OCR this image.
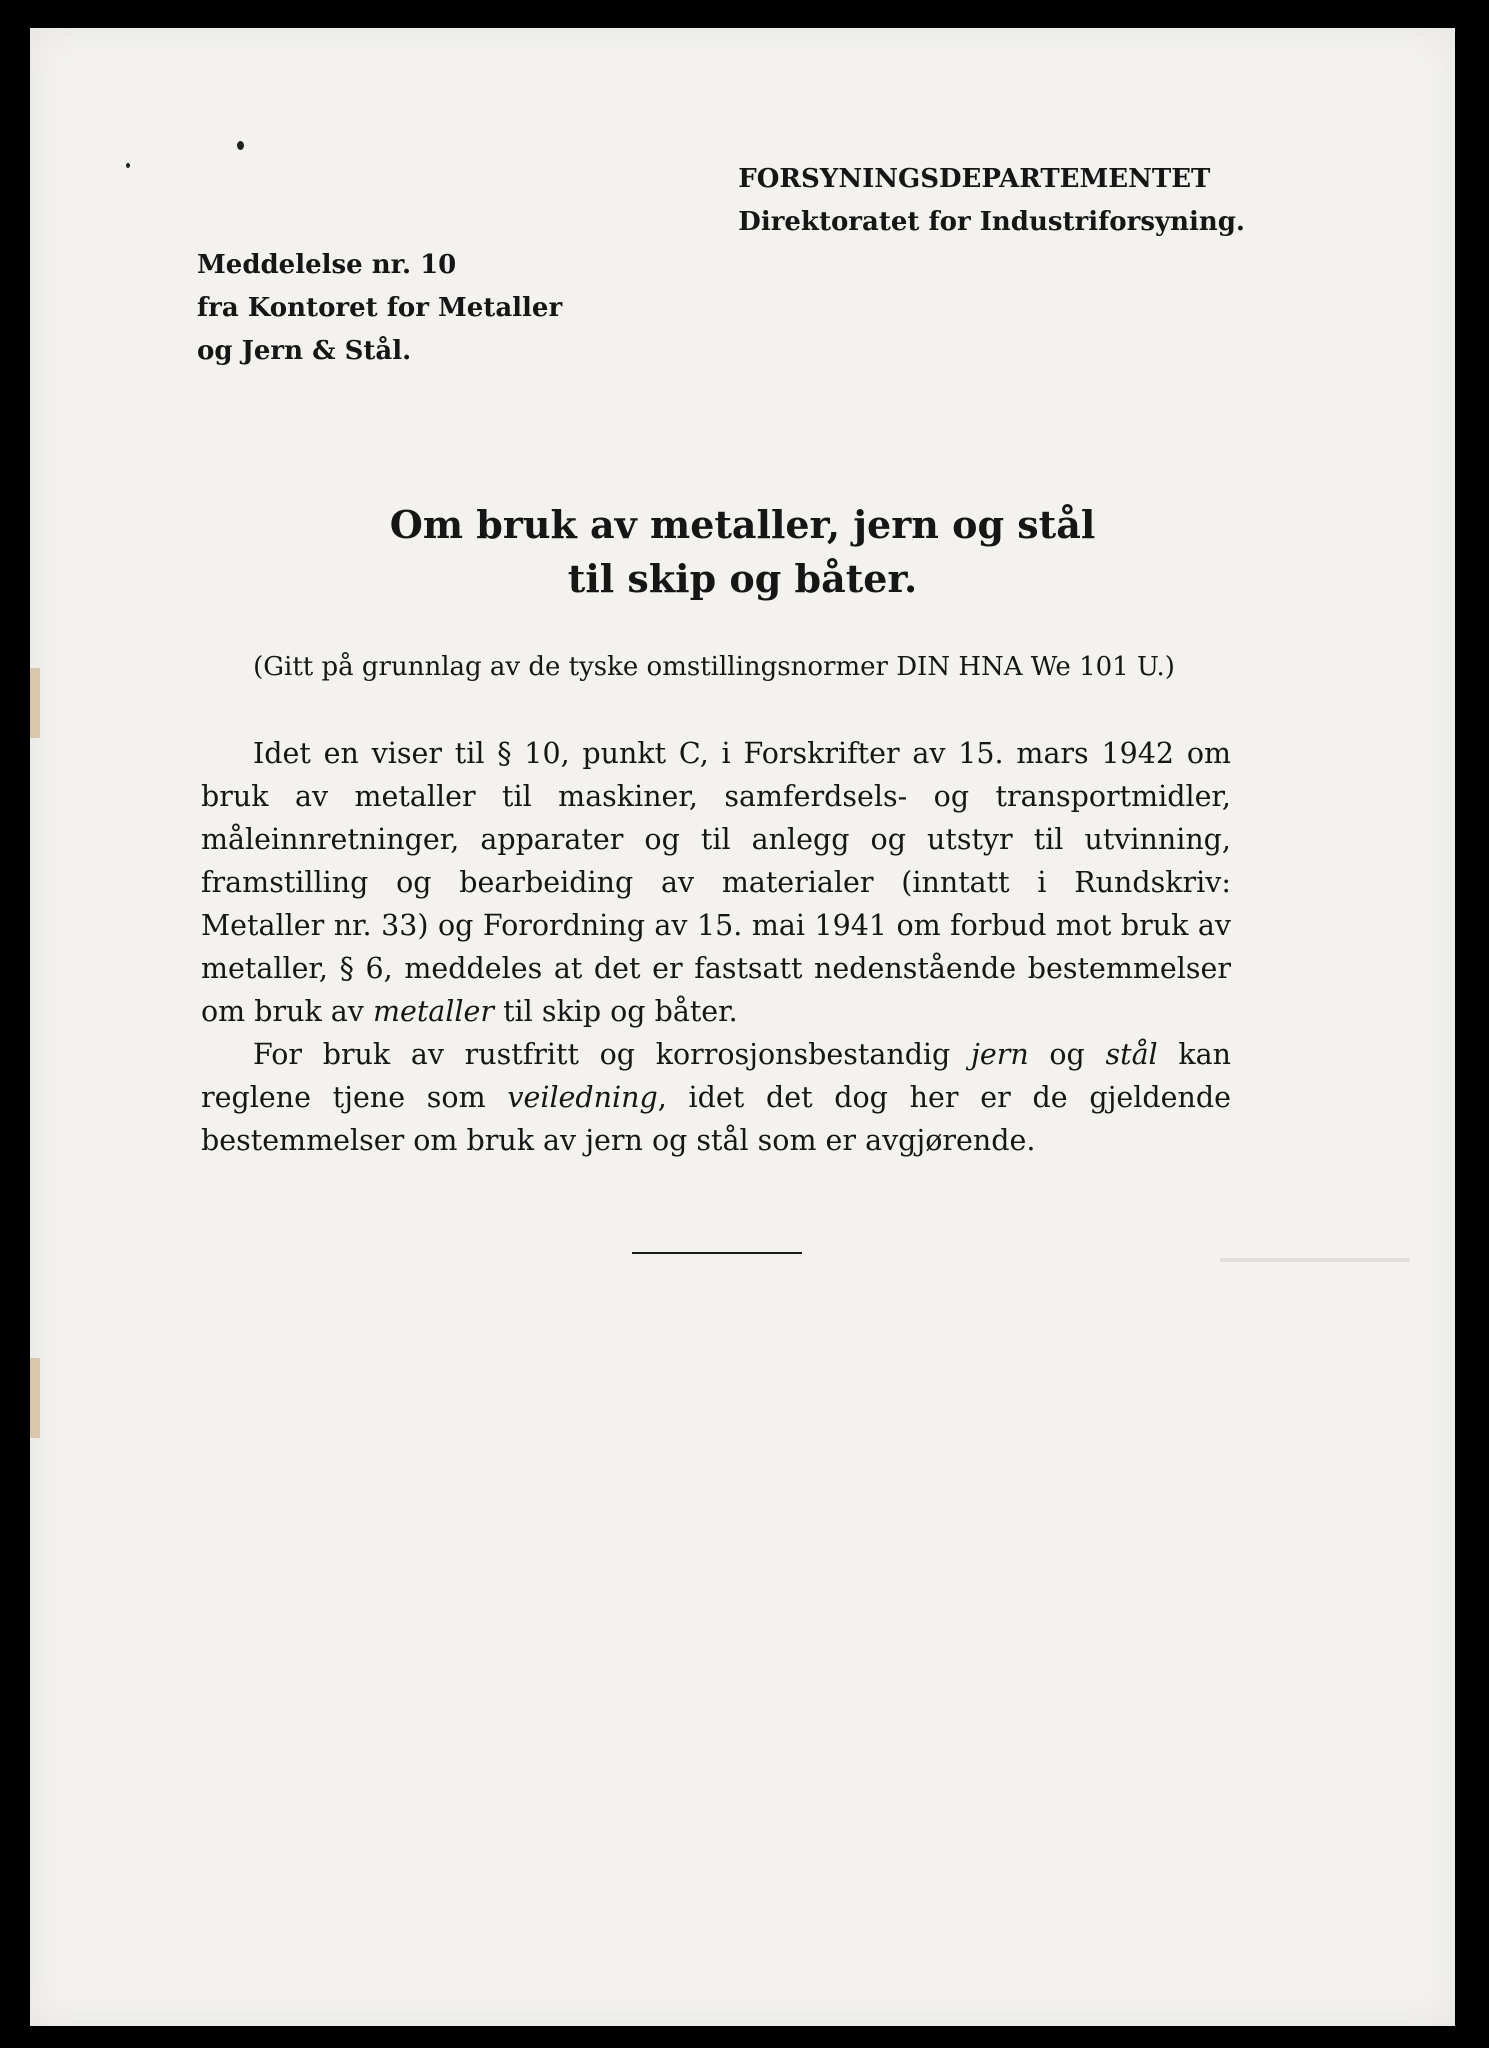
FORSYNINGSDEPARTEMENTET
Direktoratet for Industriforsyning.
Meddelelse nr. 10
fra Kontoret for Metaller
og Jern & Stål.
Om bruk av metaller, jern og stål
til skip og båter.
(Gitt på grunnlag av de tyske omstillingsnormer DIN HNA We 101 U.)

Idet en viser til § 10, punkt C, i Forskrifter av 15. mars 1942 om bruk av metaller til maskiner, samferdsels- og transportmidler, måleinnretninger, apparater og til anlegg og utstyr til utvinning, framstilling og bearbeiding av materialer (inntatt i Rundskriv: Metaller nr. 33) og Forordning av 15. mai 1941 om forbud mot bruk av metaller, § 6, meddeles at det er fastsatt nedenstående bestemmelser om bruk av metaller til skip og båter.

For bruk av rustfritt og korrosjonsbestandig jern og stål kan reglene tjene som veiledning, idet det dog her er de gjeldende bestemmelser om bruk av jern og stål som er avgjørende.
